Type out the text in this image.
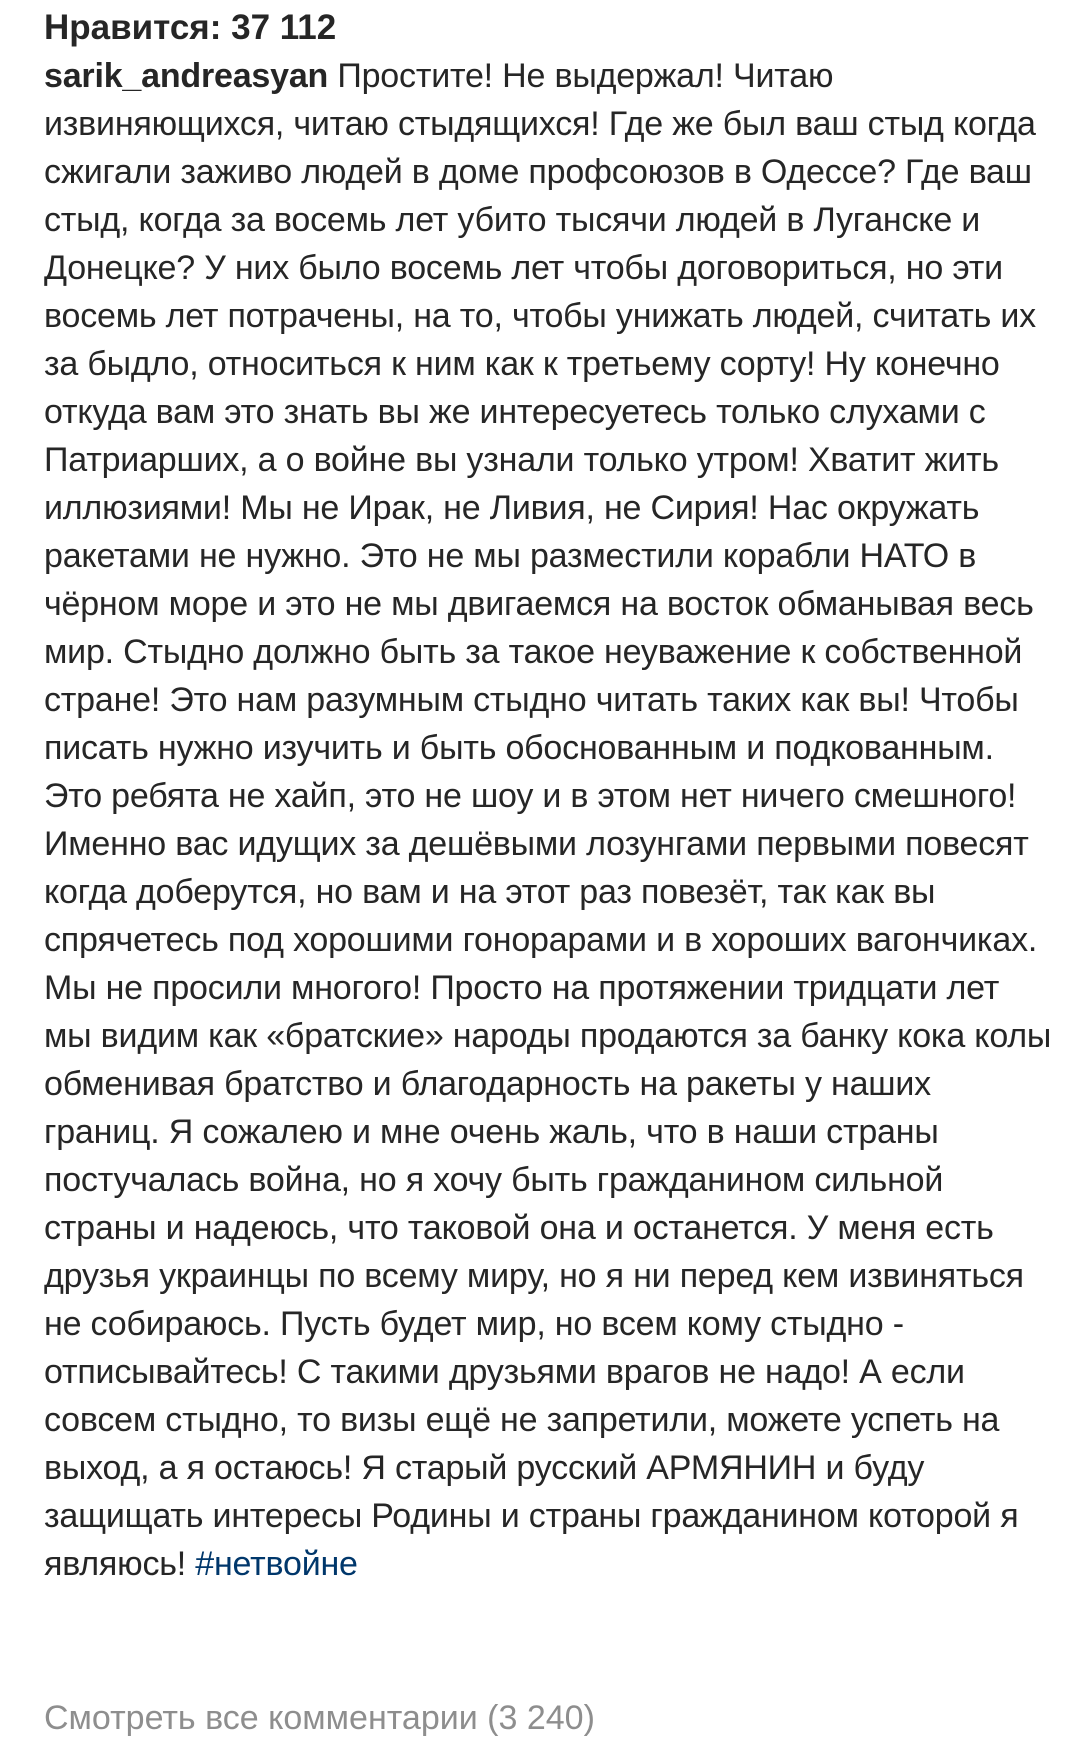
Нравится: 37 112

sarik_andreasyan Простите! Не выдержал! Читаю извиняющихся, читаю стыдящихся! Где же был ваш стыд когда сжигали заживо людей в доме профсоюзов в Одессе? Где ваш стыд, когда за восемь лет убито тысячи людей в Луганске и Донецке? У них было восемь лет чтобы договориться, но эти восемь лет потрачены, на то, чтобы унижать людей, считать их за быдло, относиться к ним как к третьему сорту! Ну конечно откуда вам это знать вы же интересуетесь только слухами с Патриарших, а о войне вы узнали только утром! Хватит жить иллюзиями! Мы не Ирак, не Ливия, не Сирия! Нас окружать ракетами не нужно. Это не мы разместили корабли НАТО в чёрном море и это не мы двигаемся на восток обманывая весь мир. Стыдно должно быть за такое неуважение к собственной стране! Это нам разумным стыдно читать таких как вы! Чтобы писать нужно изучить и быть обоснованным и подкованным. Это ребята не хайп, это не шоу и в этом нет ничего смешного! Именно вас идущих за дешёвыми лозунгами первыми повесят когда доберутся, но вам и на этот раз повезёт, так как вы спрячетесь под хорошими гонорарами и в хороших вагончиках. Мы не просили многого! Просто на протяжении тридцати лет мы видим как «братские» народы продаются за банку кока колы обменивая братство и благодарность на ракеты у наших границ. Я сожалею и мне очень жаль, что в наши страны постучалась война, но я хочу быть гражданином сильной страны и надеюсь, что таковой она и останется. У меня есть друзья украинцы по всему миру, но я ни перед кем извиняться не собираюсь. Пусть будет мир, но всем кому стыдно - отписывайтесь! С такими друзьями врагов не надо! А если совсем стыдно, то визы ещё не запретили, можете успеть на выход, а я остаюсь! Я старый русский АРМЯНИН и буду защищать интересы Родины и страны гражданином которой я являюсь! #нетвойне

Смотреть все комментарии (3 240)
